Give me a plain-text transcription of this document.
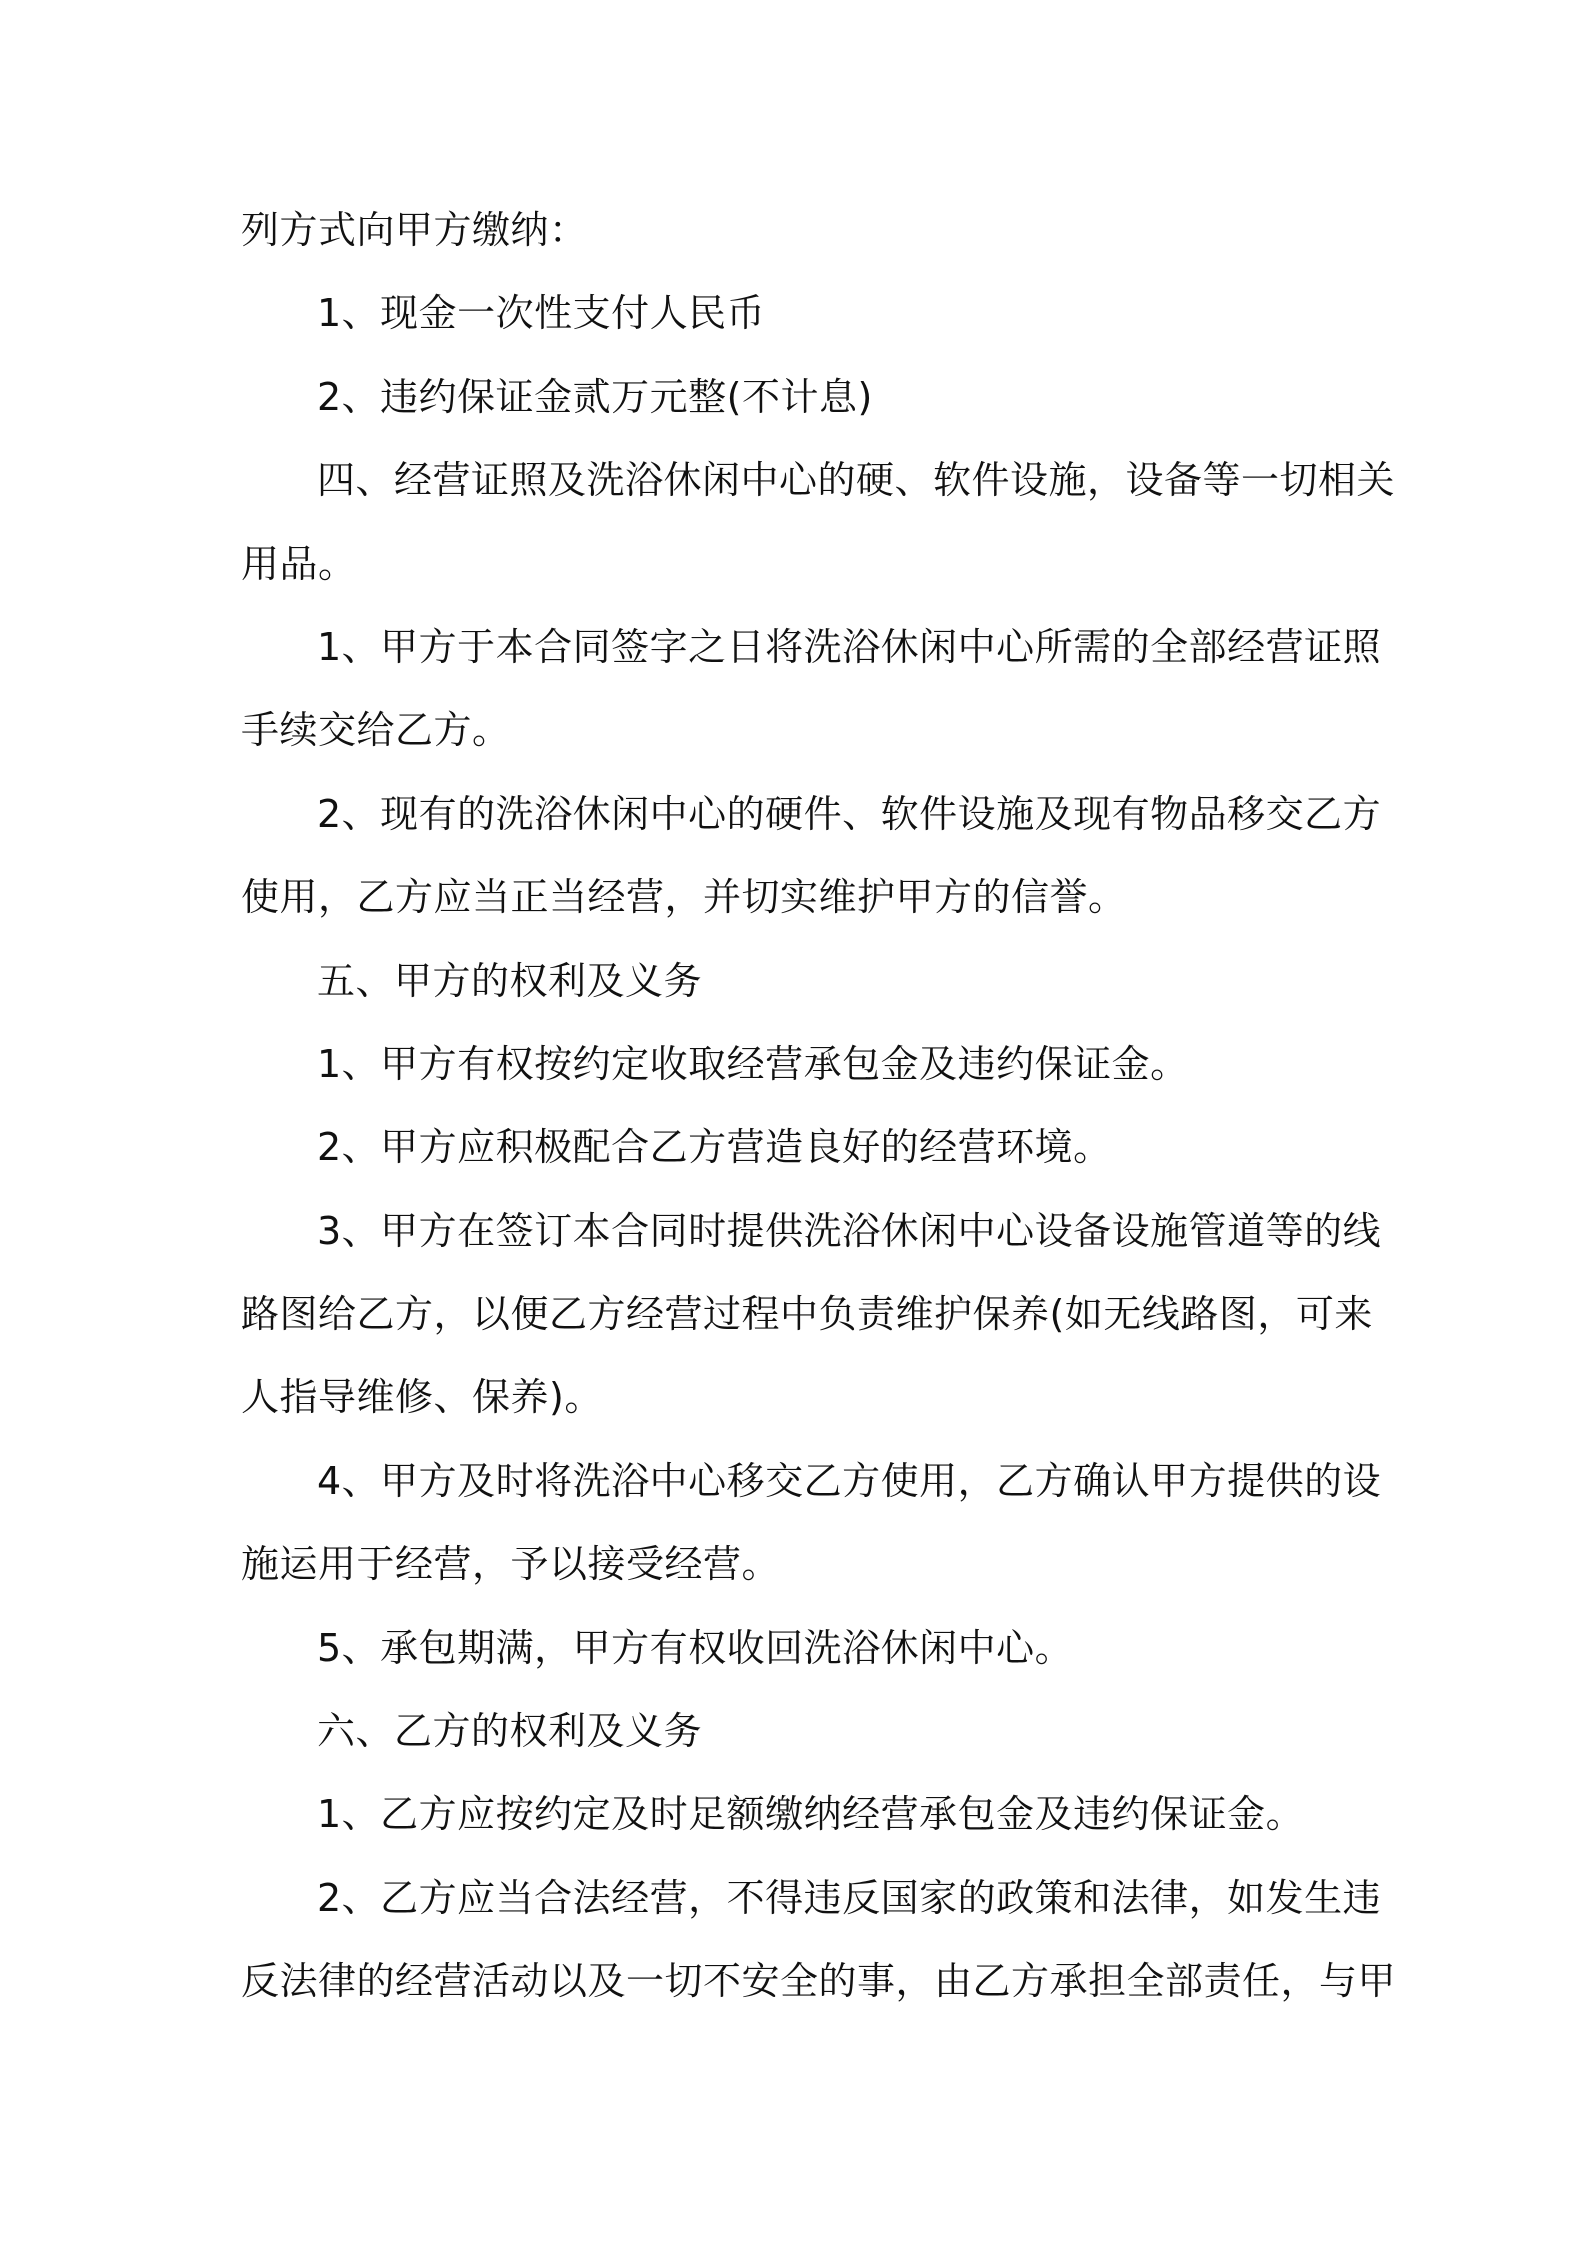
列方式向甲方缴纳：
1、现金一次性支付人民币
2、违约保证金贰万元整(不计息)
四、经营证照及洗浴休闲中心的硬、软件设施，设备等一切相关
用品。
1、甲方于本合同签字之日将洗浴休闲中心所需的全部经营证照
手续交给乙方。
2、现有的洗浴休闲中心的硬件、软件设施及现有物品移交乙方
使用，乙方应当正当经营，并切实维护甲方的信誉。
五、甲方的权利及义务
1、甲方有权按约定收取经营承包金及违约保证金。
2、甲方应积极配合乙方营造良好的经营环境。
3、甲方在签订本合同时提供洗浴休闲中心设备设施管道等的线
路图给乙方，以便乙方经营过程中负责维护保养(如无线路图，可来
人指导维修、保养)。
4、甲方及时将洗浴中心移交乙方使用，乙方确认甲方提供的设
施运用于经营，予以接受经营。
5、承包期满，甲方有权收回洗浴休闲中心。
六、乙方的权利及义务
1、乙方应按约定及时足额缴纳经营承包金及违约保证金。
2、乙方应当合法经营，不得违反国家的政策和法律，如发生违
反法律的经营活动以及一切不安全的事，由乙方承担全部责任，与甲
